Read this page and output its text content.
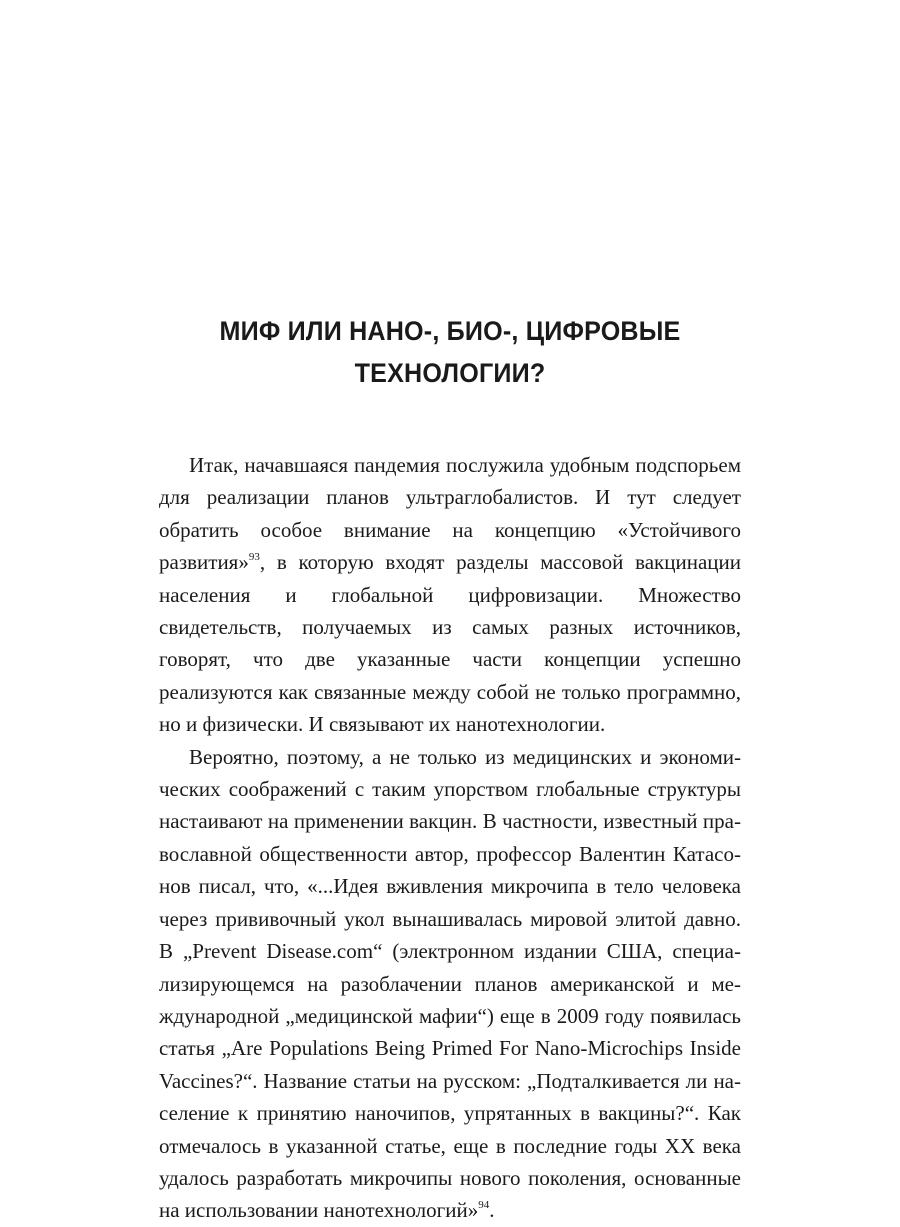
МИФ ИЛИ НАНО-, БИО-, ЦИФРОВЫЕ
ТЕХНОЛОГИИ?

Итак, начавшаяся пандемия послужила удобным подспорьем для реализации планов ультраглобалистов. И тут следует обратить особое внимание на концепцию «Устойчивого развития»$^{93}$, в которую входят разделы массовой вакцинации населения и глобальной цифровизации. Множество свидетельств, получаемых из самых разных источников, говорят, что две указанные части концепции успешно реализуются как связанные между собой не только программно, но и физически. И связывают их нанотехнологии.

Вероятно, поэтому, а не только из медицинских и экономических соображений с таким упорством глобальные структуры настаивают на применении вакцин. В частности, известный православной общественности автор, профессор Валентин Катасонов писал, что, «...Идея вживления микрочипа в тело человека через прививочный укол вынашивалась мировой элитой давно. В „Prevent Disease.com“ (электронном издании США, специализирующемся на разоблачении планов американской и международной „медицинской мафии“) еще в 2009 году появилась статья „Are Populations Being Primed For Nano-Microchips Inside Vaccines?“. Название статьи на русском: „Подталкивается ли население к принятию наночипов, упрятанных в вакцины?“. Как отмечалось в указанной статье, еще в последние годы XX века удалось разработать микрочипы нового поколения, основанные на использовании нанотехнологий»$^{94}$.
